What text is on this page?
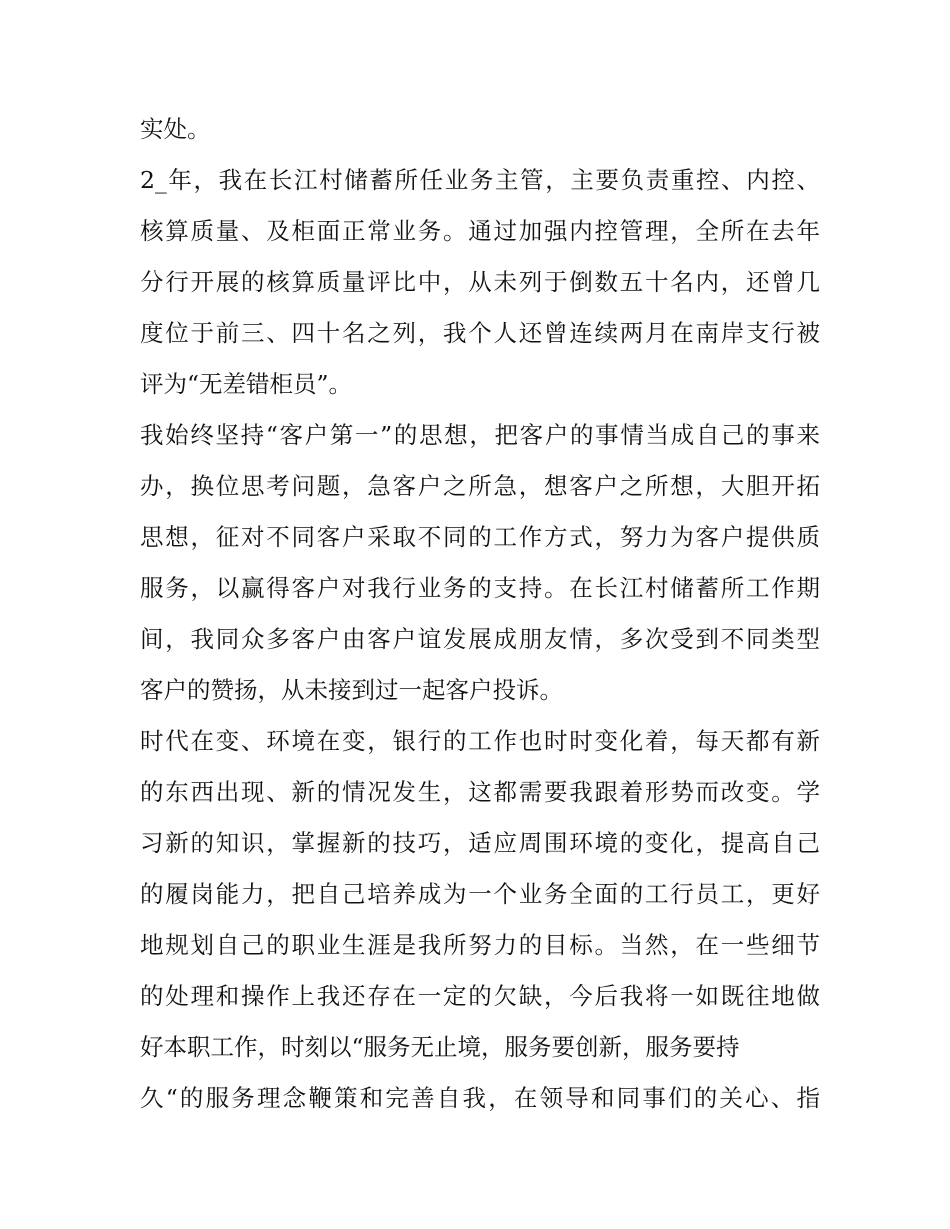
实处。
2_年，我在长江村储蓄所任业务主管，主要负责重控、内控、
核算质量、及柜面正常业务。通过加强内控管理，全所在去年
分行开展的核算质量评比中，从未列于倒数五十名内，还曾几
度位于前三、四十名之列，我个人还曾连续两月在南岸支行被
评为“无差错柜员”。
我始终坚持“客户第一”的思想，把客户的事情当成自己的事来
办，换位思考问题，急客户之所急，想客户之所想，大胆开拓
思想，征对不同客户采取不同的工作方式，努力为客户提供质
服务，以赢得客户对我行业务的支持。在长江村储蓄所工作期
间，我同众多客户由客户谊发展成朋友情，多次受到不同类型
客户的赞扬，从未接到过一起客户投诉。
时代在变、环境在变，银行的工作也时时变化着，每天都有新
的东西出现、新的情况发生，这都需要我跟着形势而改变。学
习新的知识，掌握新的技巧，适应周围环境的变化，提高自己
的履岗能力，把自己培养成为一个业务全面的工行员工，更好
地规划自己的职业生涯是我所努力的目标。当然，在一些细节
的处理和操作上我还存在一定的欠缺，今后我将一如既往地做
好本职工作，时刻以“服务无止境，服务要创新，服务要持
久“的服务理念鞭策和完善自我，在领导和同事们的关心、指
